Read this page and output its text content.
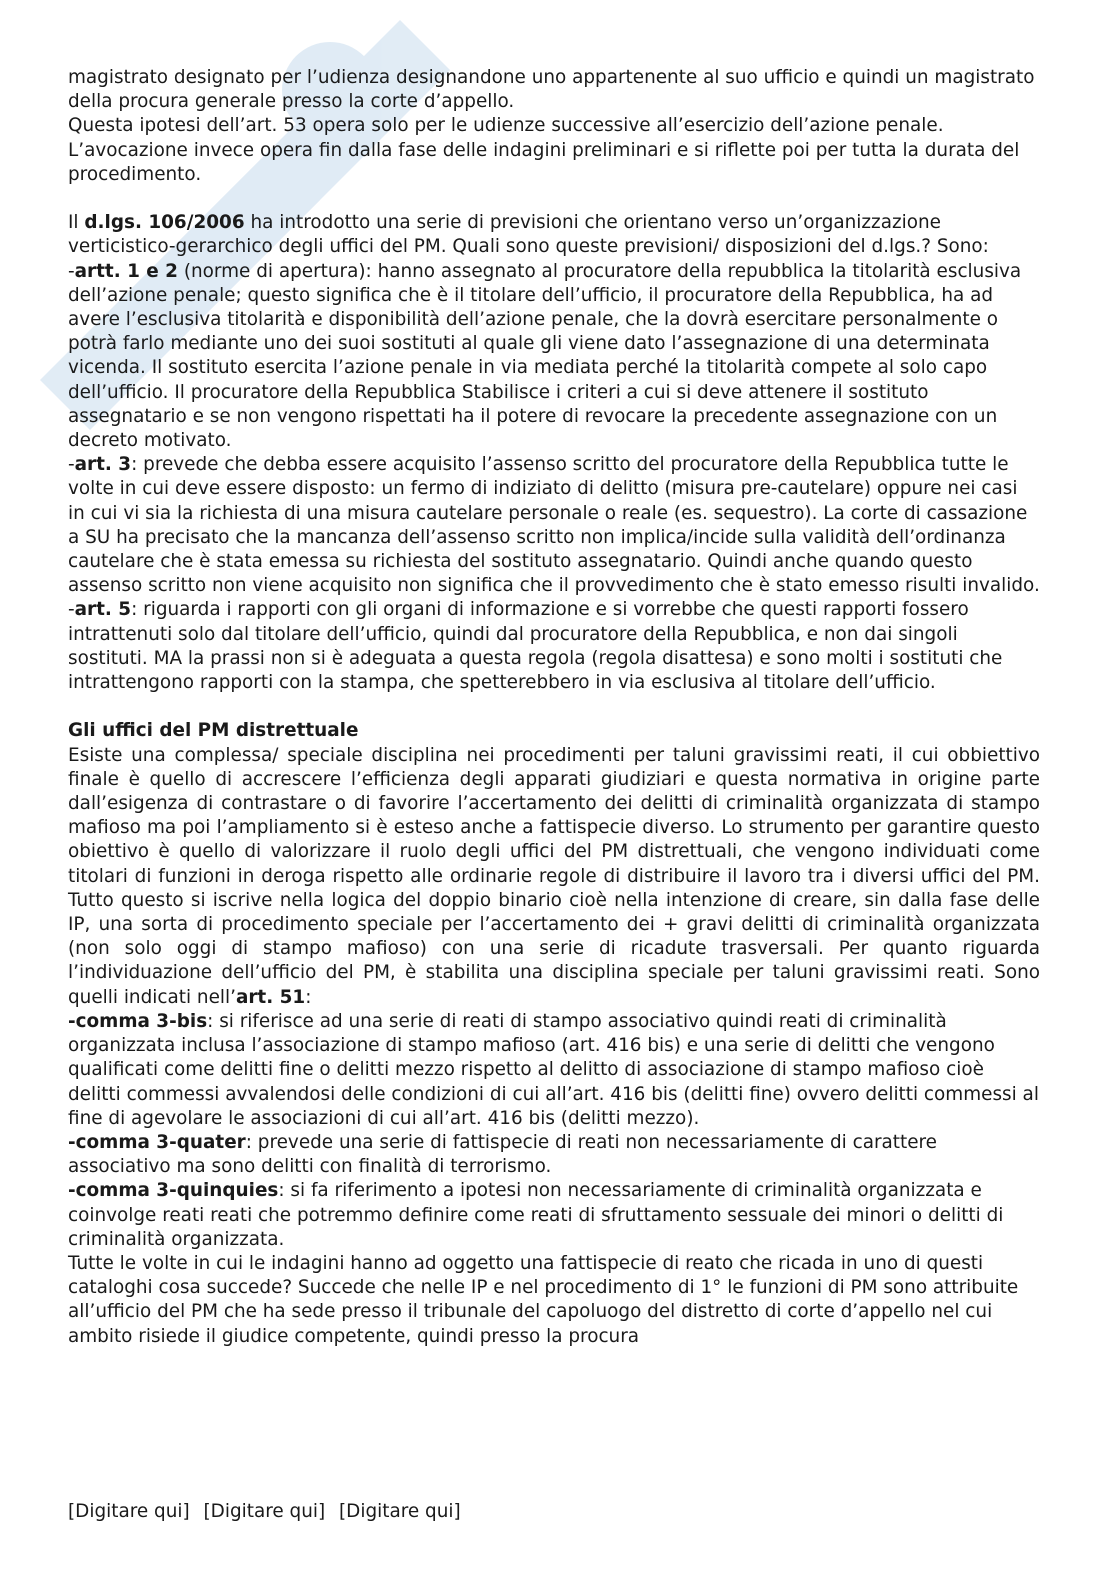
magistrato designato per l’udienza designandone uno appartenente al suo ufficio e quindi un magistrato della procura generale presso la corte d’appello.

Questa ipotesi dell’art. 53 opera solo per le udienze successive all’esercizio dell’azione penale. L’avocazione invece opera fin dalla fase delle indagini preliminari e si riflette poi per tutta la durata del procedimento.

Il d.lgs. 106/2006 ha introdotto una serie di previsioni che orientano verso un’organizzazione verticistico-gerarchico degli uffici del PM. Quali sono queste previsioni/ disposizioni del d.lgs.? Sono:

-artt. 1 e 2 (norme di apertura): hanno assegnato al procuratore della repubblica la titolarità esclusiva dell’azione penale; questo significa che è il titolare dell’ufficio, il procuratore della Repubblica, ha ad avere l’esclusiva titolarità e disponibilità dell’azione penale, che la dovrà esercitare personalmente o potrà farlo mediante uno dei suoi sostituti al quale gli viene dato l’assegnazione di una determinata vicenda. Il sostituto esercita l’azione penale in via mediata perché la titolarità compete al solo capo dell’ufficio. Il procuratore della Repubblica Stabilisce i criteri a cui si deve attenere il sostituto assegnatario e se non vengono rispettati ha il potere di revocare la precedente assegnazione con un decreto motivato.

-art. 3: prevede che debba essere acquisito l’assenso scritto del procuratore della Repubblica tutte le volte in cui deve essere disposto: un fermo di indiziato di delitto (misura pre-cautelare) oppure nei casi in cui vi sia la richiesta di una misura cautelare personale o reale (es. sequestro). La corte di cassazione a SU ha precisato che la mancanza dell’assenso scritto non implica/incide sulla validità dell’ordinanza cautelare che è stata emessa su richiesta del sostituto assegnatario. Quindi anche quando questo assenso scritto non viene acquisito non significa che il provvedimento che è stato emesso risulti invalido.

-art. 5: riguarda i rapporti con gli organi di informazione e si vorrebbe che questi rapporti fossero intrattenuti solo dal titolare dell’ufficio, quindi dal procuratore della Repubblica, e non dai singoli sostituti. MA la prassi non si è adeguata a questa regola (regola disattesa) e sono molti i sostituti che intrattengono rapporti con la stampa, che spetterebbero in via esclusiva al titolare dell’ufficio.

Gli uffici del PM distrettuale

Esiste una complessa/ speciale disciplina nei procedimenti per taluni gravissimi reati, il cui obbiettivo finale è quello di accrescere l’efficienza degli apparati giudiziari e questa normativa in origine parte dall’esigenza di contrastare o di favorire l’accertamento dei delitti di criminalità organizzata di stampo mafioso ma poi l’ampliamento si è esteso anche a fattispecie diverso. Lo strumento per garantire questo obiettivo è quello di valorizzare il ruolo degli uffici del PM distrettuali, che vengono individuati come titolari di funzioni in deroga rispetto alle ordinarie regole di distribuire il lavoro tra i diversi uffici del PM. Tutto questo si iscrive nella logica del doppio binario cioè nella intenzione di creare, sin dalla fase delle IP, una sorta di procedimento speciale per l’accertamento dei + gravi delitti di criminalità organizzata (non solo oggi di stampo mafioso) con una serie di ricadute trasversali. Per quanto riguarda l’individuazione dell’ufficio del PM, è stabilita una disciplina speciale per taluni gravissimi reati. Sono quelli indicati nell’art. 51:

-comma 3-bis: si riferisce ad una serie di reati di stampo associativo quindi reati di criminalità organizzata inclusa l’associazione di stampo mafioso (art. 416 bis) e una serie di delitti che vengono qualificati come delitti fine o delitti mezzo rispetto al delitto di associazione di stampo mafioso cioè delitti commessi avvalendosi delle condizioni di cui all’art. 416 bis (delitti fine) ovvero delitti commessi al fine di agevolare le associazioni di cui all’art. 416 bis (delitti mezzo).

-comma 3-quater: prevede una serie di fattispecie di reati non necessariamente di carattere associativo ma sono delitti con finalità di terrorismo.

-comma 3-quinquies: si fa riferimento a ipotesi non necessariamente di criminalità organizzata e coinvolge reati reati che potremmo definire come reati di sfruttamento sessuale dei minori o delitti di criminalità organizzata.

Tutte le volte in cui le indagini hanno ad oggetto una fattispecie di reato che ricada in uno di questi cataloghi cosa succede? Succede che nelle IP e nel procedimento di 1° le funzioni di PM sono attribuite all’ufficio del PM che ha sede presso il tribunale del capoluogo del distretto di corte d’appello nel cui ambito risiede il giudice competente, quindi presso la procura

[Digitare qui] [Digitare qui] [Digitare qui]
